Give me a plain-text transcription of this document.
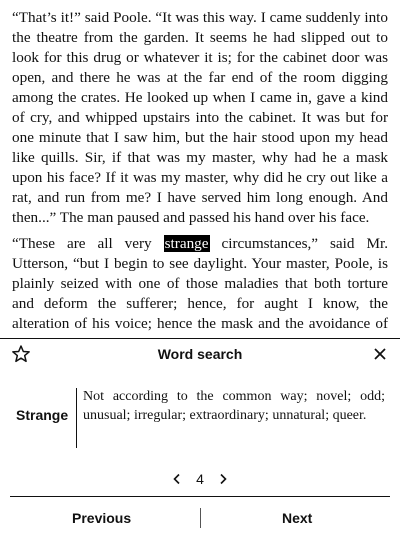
“That’s it!” said Poole. “It was this way. I came suddenly into the theatre from the garden. It seems he had slipped out to look for this drug or whatever it is; for the cabinet door was open, and there he was at the far end of the room digging among the crates. He looked up when I came in, gave a kind of cry, and whipped upstairs into the cabinet. It was but for one minute that I saw him, but the hair stood upon my head like quills. Sir, if that was my master, why had he a mask upon his face? If it was my master, why did he cry out like a rat, and run from me? I have served him long enough. And then...” The man paused and passed his hand over his face.

“These are all very strange circumstances,” said Mr. Utterson, “but I begin to see daylight. Your master, Poole, is plainly seized with one of those maladies that both torture and deform the sufferer; hence, for aught I know, the alteration of his voice; hence the mask and the avoidance of

Word search
Strange
Not according to the common way; novel; odd; unusual; irregular; extraordinary; unnatural; queer.
4
Previous	Next
